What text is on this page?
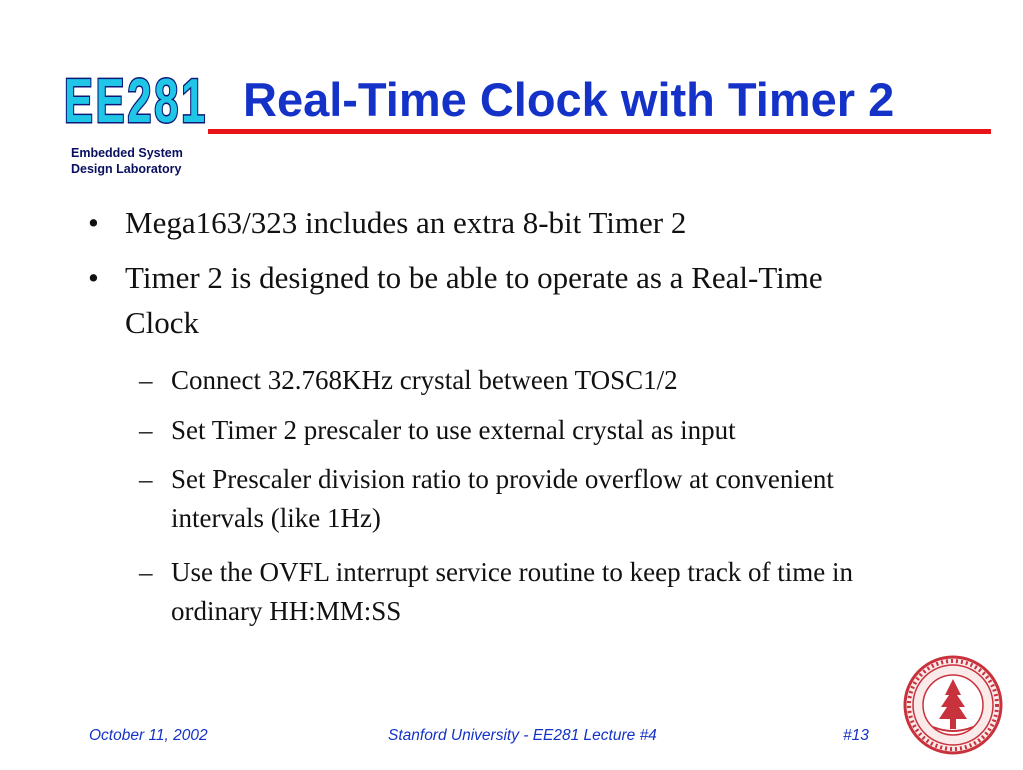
EE281
Embedded System
Design Laboratory
Real-Time Clock with Timer 2
• Mega163/323 includes an extra 8-bit Timer 2
• Timer 2 is designed to be able to operate as a Real-Time Clock
– Connect 32.768KHz crystal between TOSC1/2
– Set Timer 2 prescaler to use external crystal as input
– Set Prescaler division ratio to provide overflow at convenient intervals (like 1Hz)
– Use the OVFL interrupt service routine to keep track of time in ordinary HH:MM:SS
October 11, 2002	Stanford University - EE281 Lecture #4	#13
